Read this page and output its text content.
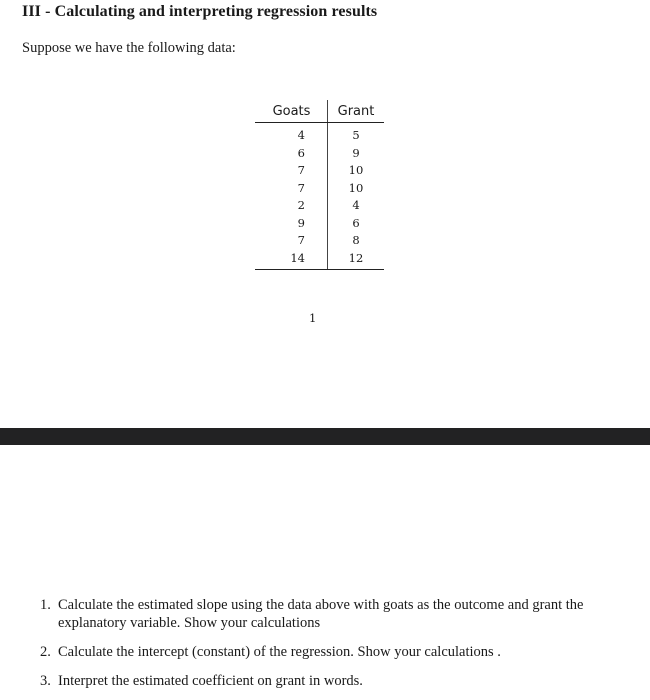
III - Calculating and interpreting regression results

Suppose we have the following data:

Goats	Grant
4	5
6	9
7	10
7	10
2	4
9	6
7	8
14	12
1
1. Calculate the estimated slope using the data above with goats as the outcome and grant the explanatory variable. Show your calculations
2. Calculate the intercept (constant) of the regression. Show your calculations .
3. Interpret the estimated coefficient on grant in words.
